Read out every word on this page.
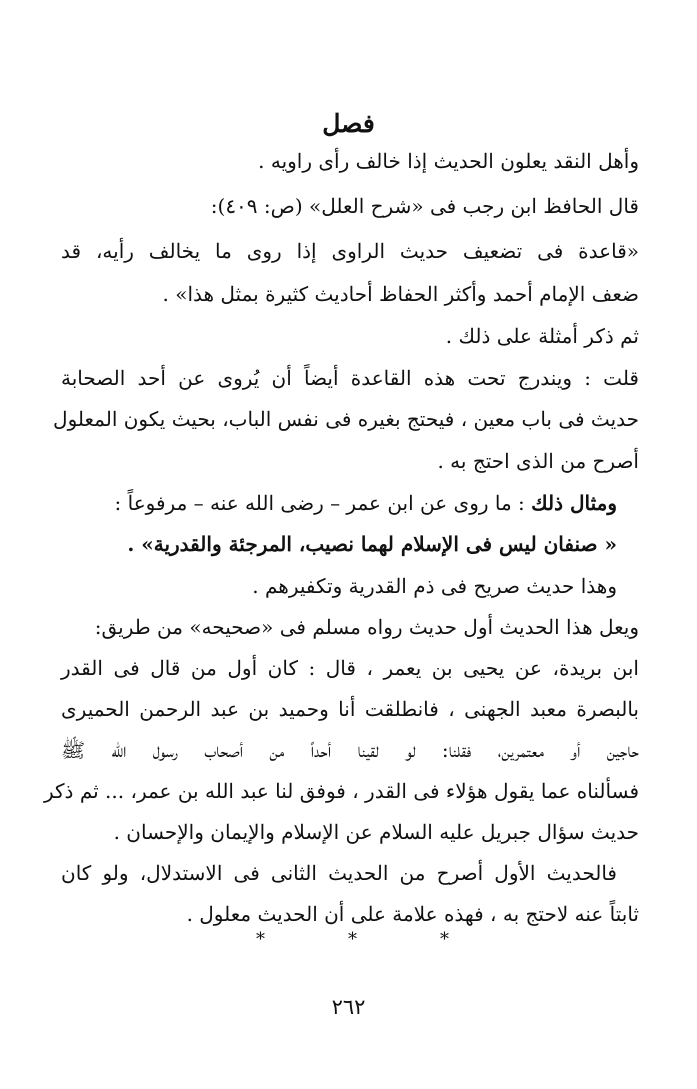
فصل
وأهل النقد يعلون الحديث إذا خالف رأى راويه .
قال الحافظ ابن رجب فى «شرح العلل» (ص: ٤٠٩):
«قاعدة فى تضعيف حديث الراوى إذا روى ما يخالف رأيه، قد
ضعف الإمام أحمد وأكثر الحفاظ أحاديث كثيرة بمثل هذا» .
ثم ذكر أمثلة على ذلك .
قلت : ويندرج تحت هذه القاعدة أيضاً أن يُروى عن أحد الصحابة
حديث فى باب معين ، فيحتج بغيره فى نفس الباب، بحيث يكون المعلول
أصرح من الذى احتج به .
ومثال ذلك : ما روى عن ابن عمر – رضى الله عنه – مرفوعاً :
« صنفان ليس فى الإسلام لهما نصيب، المرجئة والقدرية» .
وهذا حديث صريح فى ذم القدرية وتكفيرهم .
ويعل هذا الحديث أول حديث رواه مسلم فى «صحيحه» من طريق:
ابن بريدة، عن يحيى بن يعمر ، قال : كان أول من قال فى القدر
بالبصرة معبد الجهنى ، فانطلقت أنا وحميد بن عبد الرحمن الحميرى
حاجين أو معتمرين، فقلنا: لو لقينا أحداً من أصحاب رسول الله ﷺ
فسألناه عما يقول هؤلاء فى القدر ، فوفق لنا عبد الله بن عمر، ... ثم ذكر
حديث سؤال جبريل عليه السلام عن الإسلام والإيمان والإحسان .
فالحديث الأول أصرح من الحديث الثانى فى الاستدلال، ولو كان
ثابتاً عنه لاحتج به ، فهذه علامة على أن الحديث معلول .
*
*
*
٢٦٢
